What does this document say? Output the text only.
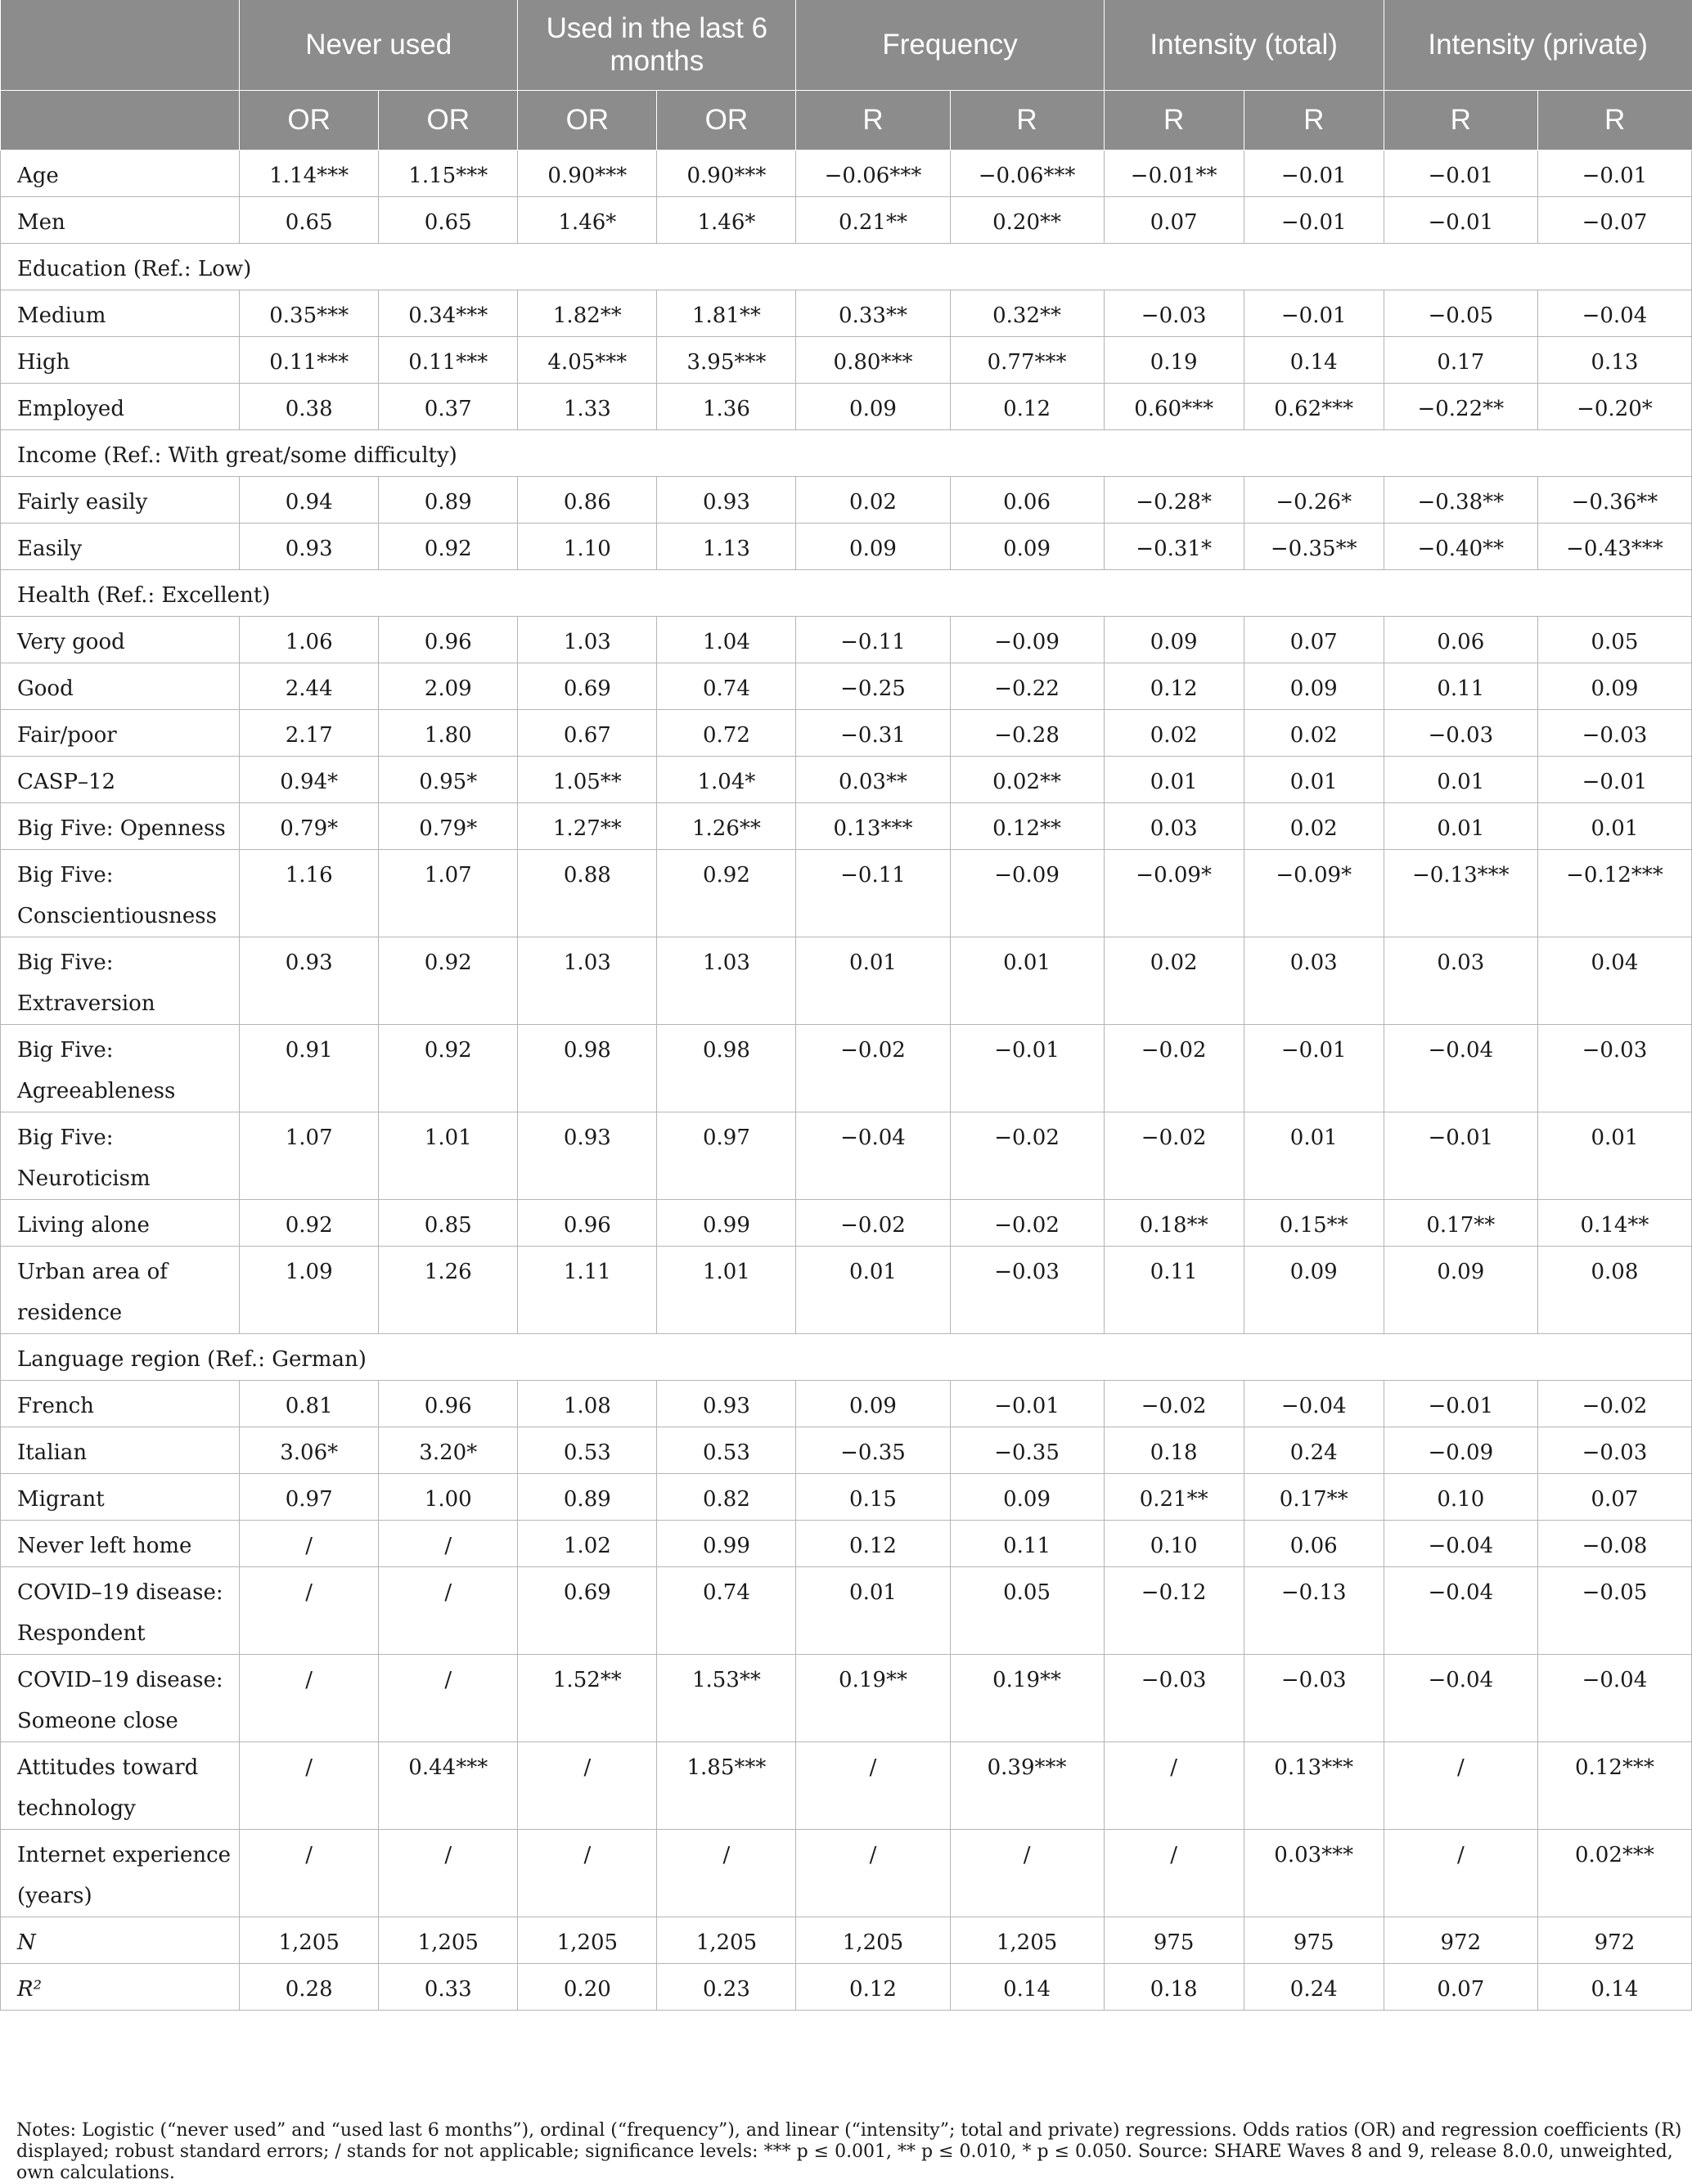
	Never used		Used in the last 6 months		Frequency		Intensity (total)		Intensity (private)	
	OR	OR	OR	OR	R	R	R	R	R	R
Age	1.14***	1.15***	0.90***	0.90***	−0.06***	−0.06***	−0.01**	−0.01	−0.01	−0.01
Men	0.65	0.65	1.46*	1.46*	0.21**	0.20**	0.07	−0.01	−0.01	−0.07
Education (Ref.: Low)										
Medium	0.35***	0.34***	1.82**	1.81**	0.33**	0.32**	−0.03	−0.01	−0.05	−0.04
High	0.11***	0.11***	4.05***	3.95***	0.80***	0.77***	0.19	0.14	0.17	0.13
Employed	0.38	0.37	1.33	1.36	0.09	0.12	0.60***	0.62***	−0.22**	−0.20*
Income (Ref.: With great/some difficulty)										
Fairly easily	0.94	0.89	0.86	0.93	0.02	0.06	−0.28*	−0.26*	−0.38**	−0.36**
Easily	0.93	0.92	1.10	1.13	0.09	0.09	−0.31*	−0.35**	−0.40**	−0.43***
Health (Ref.: Excellent)										
Very good	1.06	0.96	1.03	1.04	−0.11	−0.09	0.09	0.07	0.06	0.05
Good	2.44	2.09	0.69	0.74	−0.25	−0.22	0.12	0.09	0.11	0.09
Fair/poor	2.17	1.80	0.67	0.72	−0.31	−0.28	0.02	0.02	−0.03	−0.03
CASP–12	0.94*	0.95*	1.05**	1.04*	0.03**	0.02**	0.01	0.01	0.01	−0.01
Big Five: Openness	0.79*	0.79*	1.27**	1.26**	0.13***	0.12**	0.03	0.02	0.01	0.01
Big Five: Conscientiousness	1.16	1.07	0.88	0.92	−0.11	−0.09	−0.09*	−0.09*	−0.13***	−0.12***
Big Five: Extraversion	0.93	0.92	1.03	1.03	0.01	0.01	0.02	0.03	0.03	0.04
Big Five: Agreeableness	0.91	0.92	0.98	0.98	−0.02	−0.01	−0.02	−0.01	−0.04	−0.03
Big Five: Neuroticism	1.07	1.01	0.93	0.97	−0.04	−0.02	−0.02	0.01	−0.01	0.01
Living alone	0.92	0.85	0.96	0.99	−0.02	−0.02	0.18**	0.15**	0.17**	0.14**
Urban area of residence	1.09	1.26	1.11	1.01	0.01	−0.03	0.11	0.09	0.09	0.08
Language region (Ref.: German)										
French	0.81	0.96	1.08	0.93	0.09	−0.01	−0.02	−0.04	−0.01	−0.02
Italian	3.06*	3.20*	0.53	0.53	−0.35	−0.35	0.18	0.24	−0.09	−0.03
Migrant	0.97	1.00	0.89	0.82	0.15	0.09	0.21**	0.17**	0.10	0.07
Never left home	/	/	1.02	0.99	0.12	0.11	0.10	0.06	−0.04	−0.08
COVID–19 disease: Respondent	/	/	0.69	0.74	0.01	0.05	−0.12	−0.13	−0.04	−0.05
COVID–19 disease: Someone close	/	/	1.52**	1.53**	0.19**	0.19**	−0.03	−0.03	−0.04	−0.04
Attitudes toward technology	/	0.44***	/	1.85***	/	0.39***	/	0.13***	/	0.12***
Internet experience (years)	/	/	/	/	/	/	/	0.03***	/	0.02***
N	1,205	1,205	1,205	1,205	1,205	1,205	975	975	972	972
R²	0.28	0.33	0.20	0.23	0.12	0.14	0.18	0.24	0.07	0.14
Notes: Logistic (“never used” and “used last 6 months”), ordinal (“frequency”), and linear (“intensity”; total and private) regressions. Odds ratios (OR) and regression coefficients (R) displayed; robust standard errors; / stands for not applicable; significance levels: *** p ≤ 0.001, ** p ≤ 0.010, * p ≤ 0.050. Source: SHARE Waves 8 and 9, release 8.0.0, unweighted, own calculations.
